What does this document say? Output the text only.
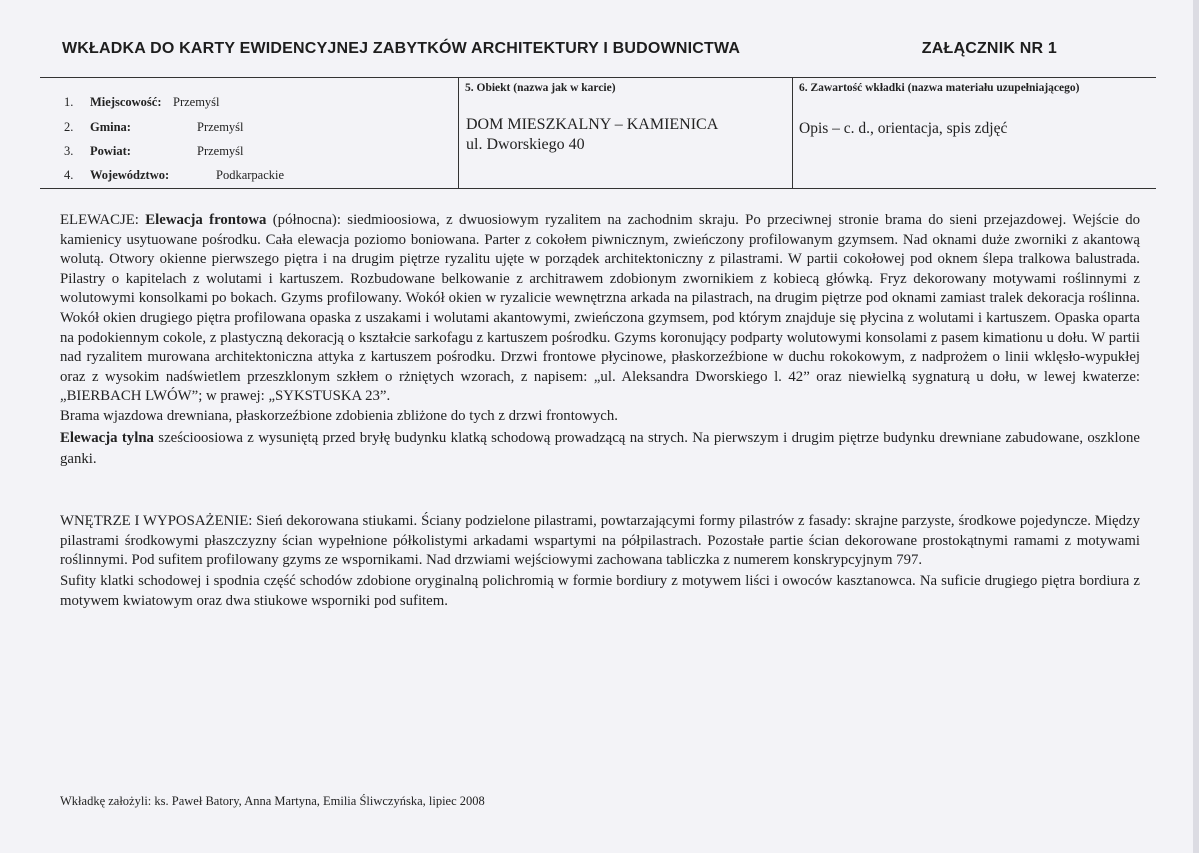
WKŁADKA DO KARTY EWIDENCYJNEJ ZABYTKÓW ARCHITEKTURY I BUDOWNICTWA	ZAŁĄCZNIK NR 1
1. Miejscowość: Przemyśl
2. Gmina:	Przemyśl
3. Powiat:	Przemyśl
4. Województwo:	Podkarpackie
5. Obiekt (nazwa jak w karcie)
DOM MIESZKALNY – KAMIENICA
ul. Dworskiego 40
6. Zawartość wkładki (nazwa materiału uzupełniającego)
Opis – c. d., orientacja, spis zdjęć

ELEWACJE: Elewacja frontowa (północna): siedmioosiowa, z dwuosiowym ryzalitem na zachodnim skraju. Po przeciwnej stronie brama do sieni przejazdowej. Wejście do kamienicy usytuowane pośrodku. Cała elewacja poziomo boniowana. Parter z cokołem piwnicznym, zwieńczony profilowanym gzymsem. Nad oknami duże zworniki z akantową wolutą. Otwory okienne pierwszego piętra i na drugim piętrze ryzalitu ujęte w porządek architektoniczny z pilastrami. W partii cokołowej pod oknem ślepa tralkowa balustrada. Pilastry o kapitelach z wolutami i kartuszem. Rozbudowane belkowanie z architrawem zdobionym zwornikiem z kobiecą główką. Fryz dekorowany motywami roślinnymi z wolutowymi konsolkami po bokach. Gzyms profilowany. Wokół okien w ryzalicie wewnętrzna arkada na pilastrach, na drugim piętrze pod oknami zamiast tralek dekoracja roślinna. Wokół okien drugiego piętra profilowana opaska z uszakami i wolutami akantowymi, zwieńczona gzymsem, pod którym znajduje się płycina z wolutami i kartuszem. Opaska oparta na podokiennym cokole, z plastyczną dekoracją o kształcie sarkofagu z kartuszem pośrodku. Gzyms koronujący podparty wolutowymi konsolami z pasem kimationu u dołu. W partii nad ryzalitem murowana architektoniczna attyka z kartuszem pośrodku. Drzwi frontowe płycinowe, płaskorzeźbione w duchu rokokowym, z nadprożem o linii wklęsło-wypukłej oraz z wysokim nadświetlem przeszklonym szkłem o rżniętych wzorach, z napisem: „ul. Aleksandra Dworskiego l. 42” oraz niewielką sygnaturą u dołu, w lewej kwaterze: „BIERBACH LWÓW”; w prawej: „SYKSTUSKA 23”.

Brama wjazdowa drewniana, płaskorzeźbione zdobienia zbliżone do tych z drzwi frontowych.

Elewacja tylna sześcioosiowa z wysuniętą przed bryłę budynku klatką schodową prowadzącą na strych. Na pierwszym i drugim piętrze budynku drewniane zabudowane, oszklone ganki.

WNĘTRZE I WYPOSAŻENIE: Sień dekorowana stiukami. Ściany podzielone pilastrami, powtarzającymi formy pilastrów z fasady: skrajne parzyste, środkowe pojedyncze. Między pilastrami środkowymi płaszczyzny ścian wypełnione półkolistymi arkadami wspartymi na półpilastrach. Pozostałe partie ścian dekorowane prostokątnymi ramami z motywami roślinnymi. Pod sufitem profilowany gzyms ze wspornikami. Nad drzwiami wejściowymi zachowana tabliczka z numerem konskrypcyjnym 797.

Sufity klatki schodowej i spodnia część schodów zdobione oryginalną polichromią w formie bordiury z motywem liści i owoców kasztanowca. Na suficie drugiego piętra bordiura z motywem kwiatowym oraz dwa stiukowe wsporniki pod sufitem.

Wkładkę założyli: ks. Paweł Batory, Anna Martyna, Emilia Śliwczyńska, lipiec 2008
